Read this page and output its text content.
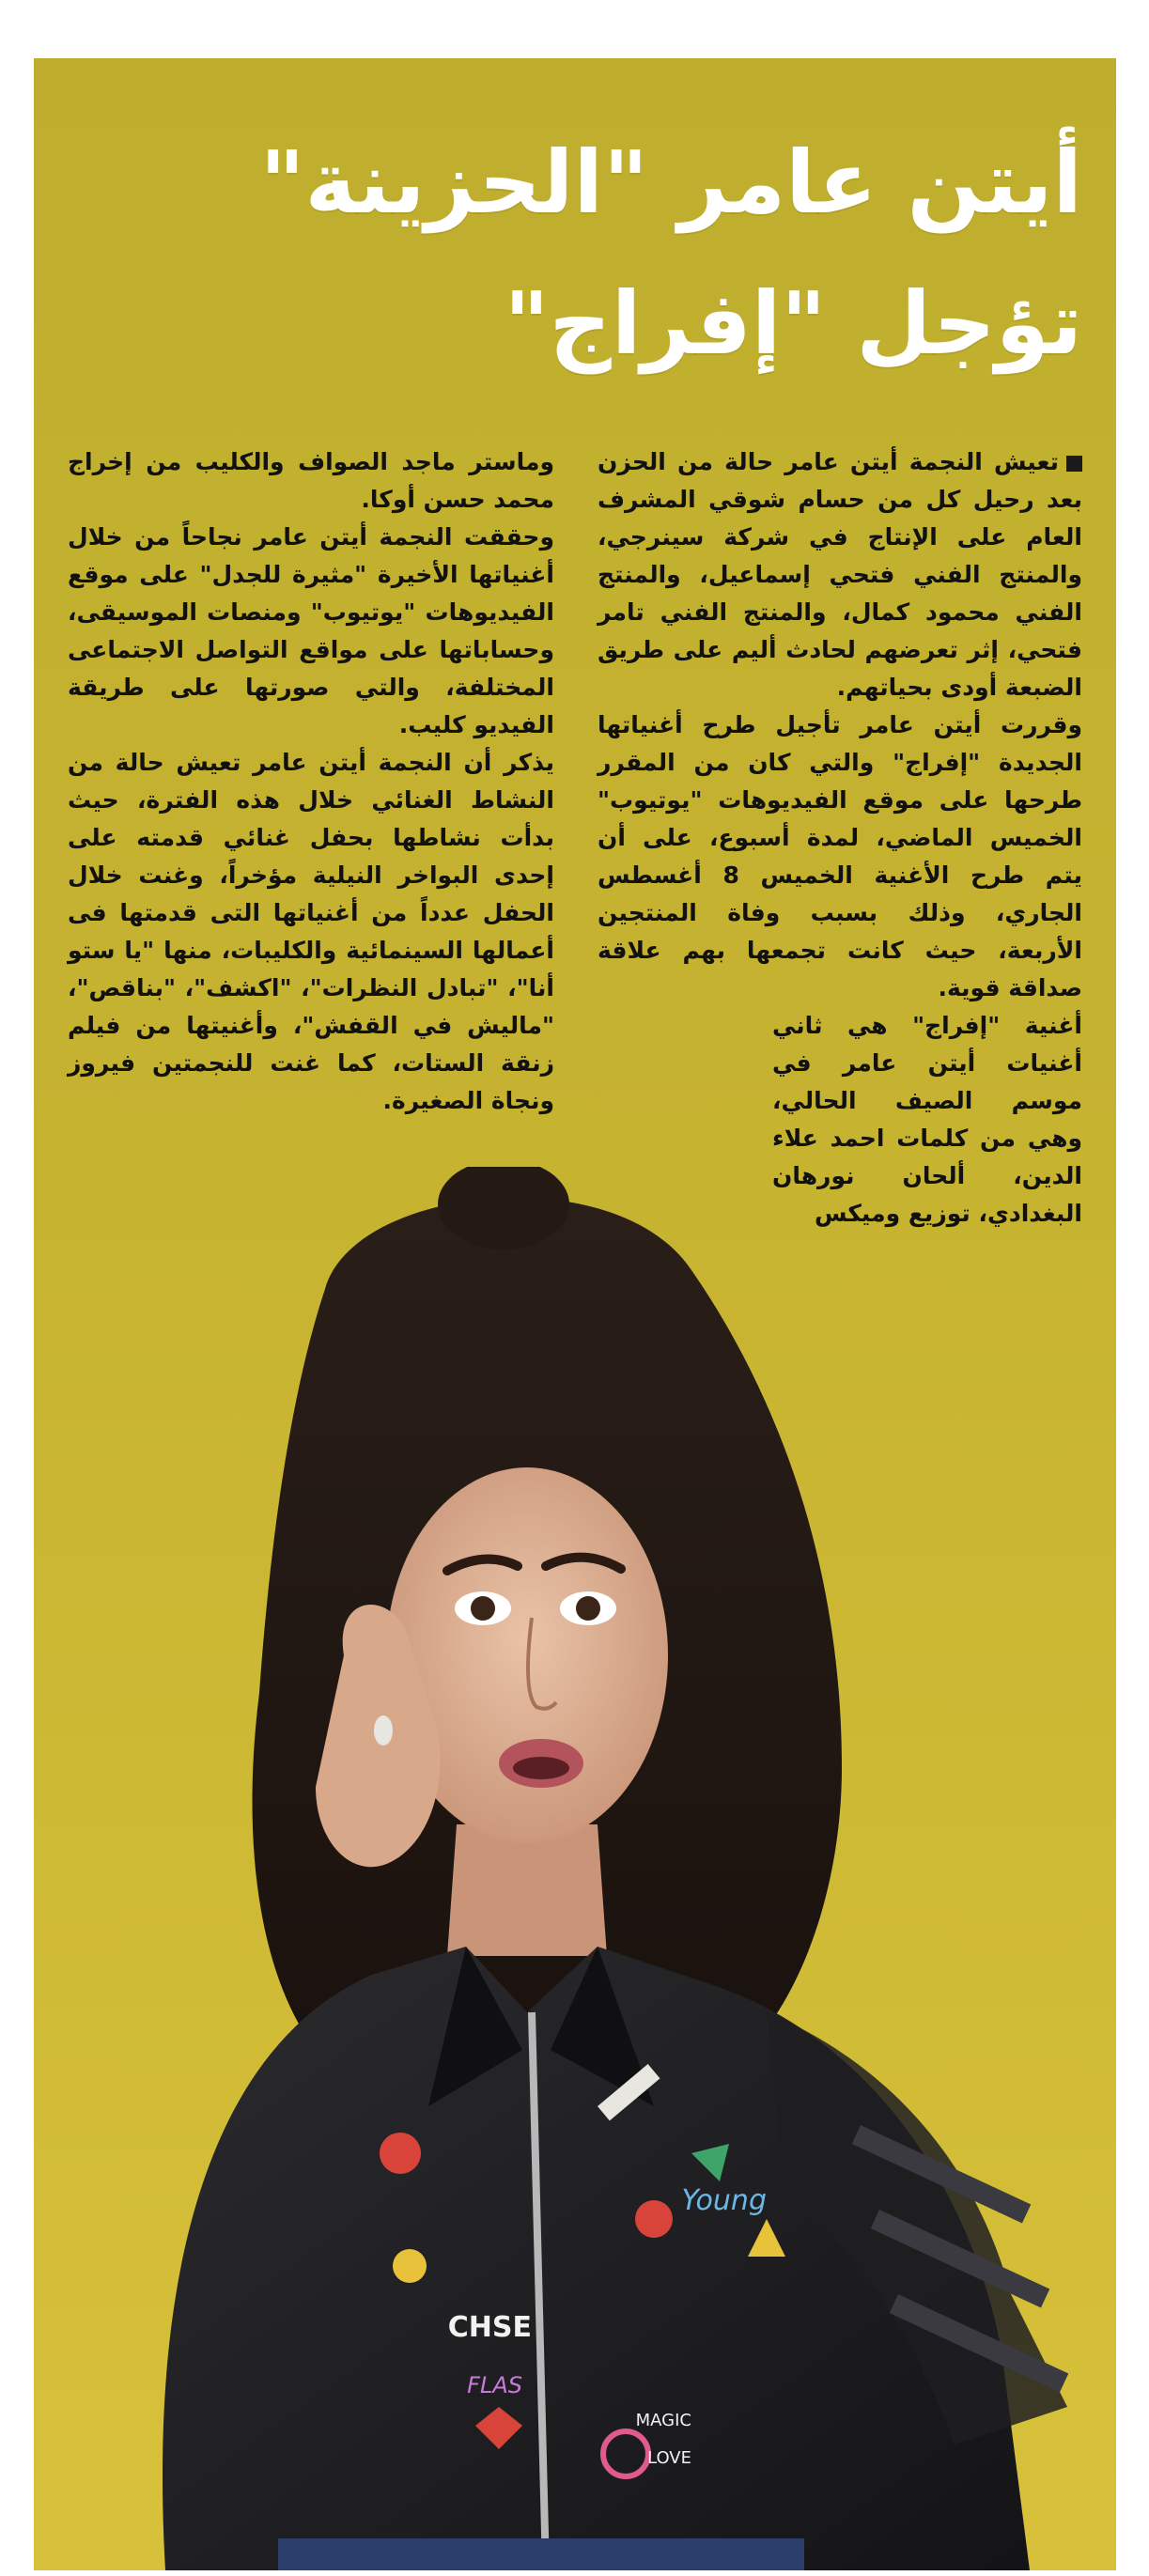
أيتن عامر "الحزينة"
تؤجل "إفراج"

تعيش النجمة أيتن عامر حالة من الحزن بعد رحيل كل من حسام شوقي المشرف العام على الإنتاج في شركة سينرجي، والمنتج الفني فتحي إسماعيل، والمنتج الفني محمود كمال، والمنتج الفني تامر فتحي، إثر تعرضهم لحادث أليم على طريق الضبعة أودى بحياتهم.

وقررت أيتن عامر تأجيل طرح أغنياتها الجديدة "إفراج" والتي كان من المقرر طرحها على موقع الفيديوهات "يوتيوب" الخميس الماضي، لمدة أسبوع، على أن يتم طرح الأغنية الخميس 8 أغسطس الجاري، وذلك بسبب وفاة المنتجين الأربعة، حيث كانت تجمعها بهم علاقة صداقة قوية.

أغنية "إفراج" هي ثاني أغنيات أيتن عامر في موسم الصيف الحالي، وهي من كلمات احمد علاء الدين، ألحان نورهان البغدادي، توزيع وميكس

وماستر ماجد الصواف والكليب من إخراج محمد حسن أوكا.

وحققت النجمة أيتن عامر نجاحاً من خلال أغنياتها الأخيرة "مثيرة للجدل" على موقع الفيديوهات "يوتيوب" ومنصات الموسيقى، وحساباتها على مواقع التواصل الاجتماعى المختلفة، والتي صورتها على طريقة الفيديو كليب.

يذكر أن النجمة أيتن عامر تعيش حالة من النشاط الغنائي خلال هذه الفترة، حيث بدأت نشاطها بحفل غنائي قدمته على إحدى البواخر النيلية مؤخراً، وغنت خلال الحفل عدداً من أغنياتها التى قدمتها فى أعمالها السينمائية والكليبات، منها "يا ستو أنا"، "تبادل النظرات"، "اكشف"، "بناقص"، "ماليش في القفش"، وأغنيتها من فيلم زنقة الستات، كما غنت للنجمتين فيروز ونجاة الصغيرة.

Young
CHSE
FLAS
MAGIC
LOVE
